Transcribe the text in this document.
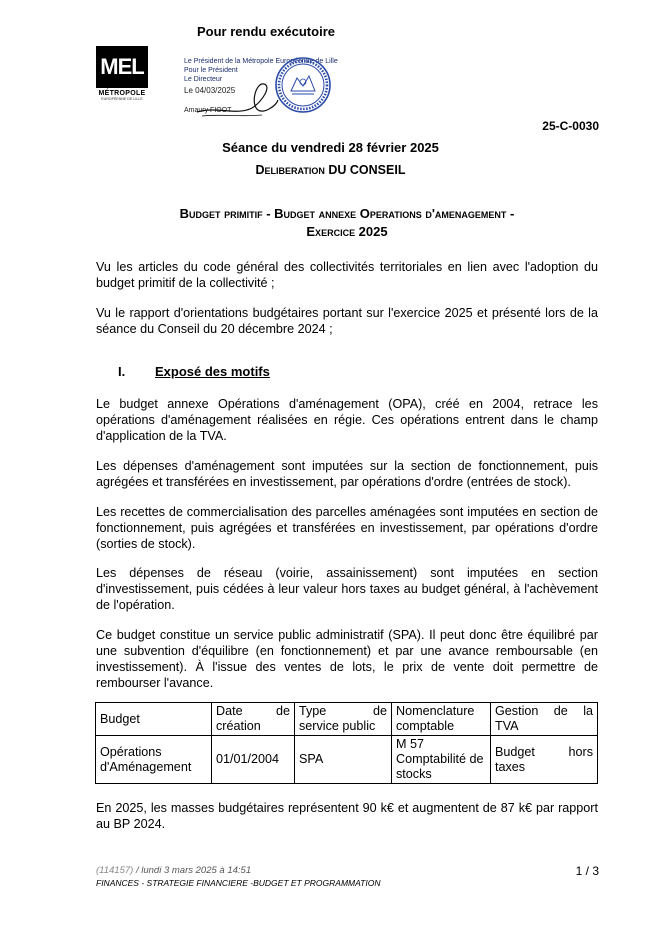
Pour rendu exécutoire
MEL
MÉTROPOLE
EUROPÉENNE DE LILLE
Le Président de la Métropole Européenne de Lille
Pour le Président
Le Directeur
Le 04/03/2025
Amaury FIOOT
25-C-0030
Séance du vendredi 28 février 2025
Deliberation DU CONSEIL
Budget primitif - Budget annexe Operations d'amenagement -
Exercice 2025
Vu les articles du code général des collectivités territoriales en lien avec l'adoption du budget primitif de la collectivité ;
Vu le rapport d'orientations budgétaires portant sur l'exercice 2025 et présenté lors de la séance du Conseil du 20 décembre 2024 ;
I. Exposé des motifs
Le budget annexe Opérations d'aménagement (OPA), créé en 2004, retrace les opérations d'aménagement réalisées en régie. Ces opérations entrent dans le champ d'application de la TVA.
Les dépenses d'aménagement sont imputées sur la section de fonctionnement, puis agrégées et transférées en investissement, par opérations d'ordre (entrées de stock).
Les recettes de commercialisation des parcelles aménagées sont imputées en section de fonctionnement, puis agrégées et transférées en investissement, par opérations d'ordre (sorties de stock).
Les dépenses de réseau (voirie, assainissement) sont imputées en section d'investissement, puis cédées à leur valeur hors taxes au budget général, à l'achèvement de l'opération.
Ce budget constitue un service public administratif (SPA). Il peut donc être équilibré par une subvention d'équilibre (en fonctionnement) et par une avance remboursable (en investissement). À l'issue des ventes de lots, le prix de vente doit permettre de rembourser l'avance.
Budget	Date de création	Type de service public	Nomenclature comptable	Gestion de la TVA
Opérations d'Aménagement	01/01/2004	SPA	M 57 Comptabilité de stocks	Budget hors taxes
En 2025, les masses budgétaires représentent 90 k€ et augmentent de 87 k€ par rapport au BP 2024.
(114157) / lundi 3 mars 2025 à 14:51
FINANCES - STRATEGIE FINANCIERE -BUDGET ET PROGRAMMATION
1 / 3
